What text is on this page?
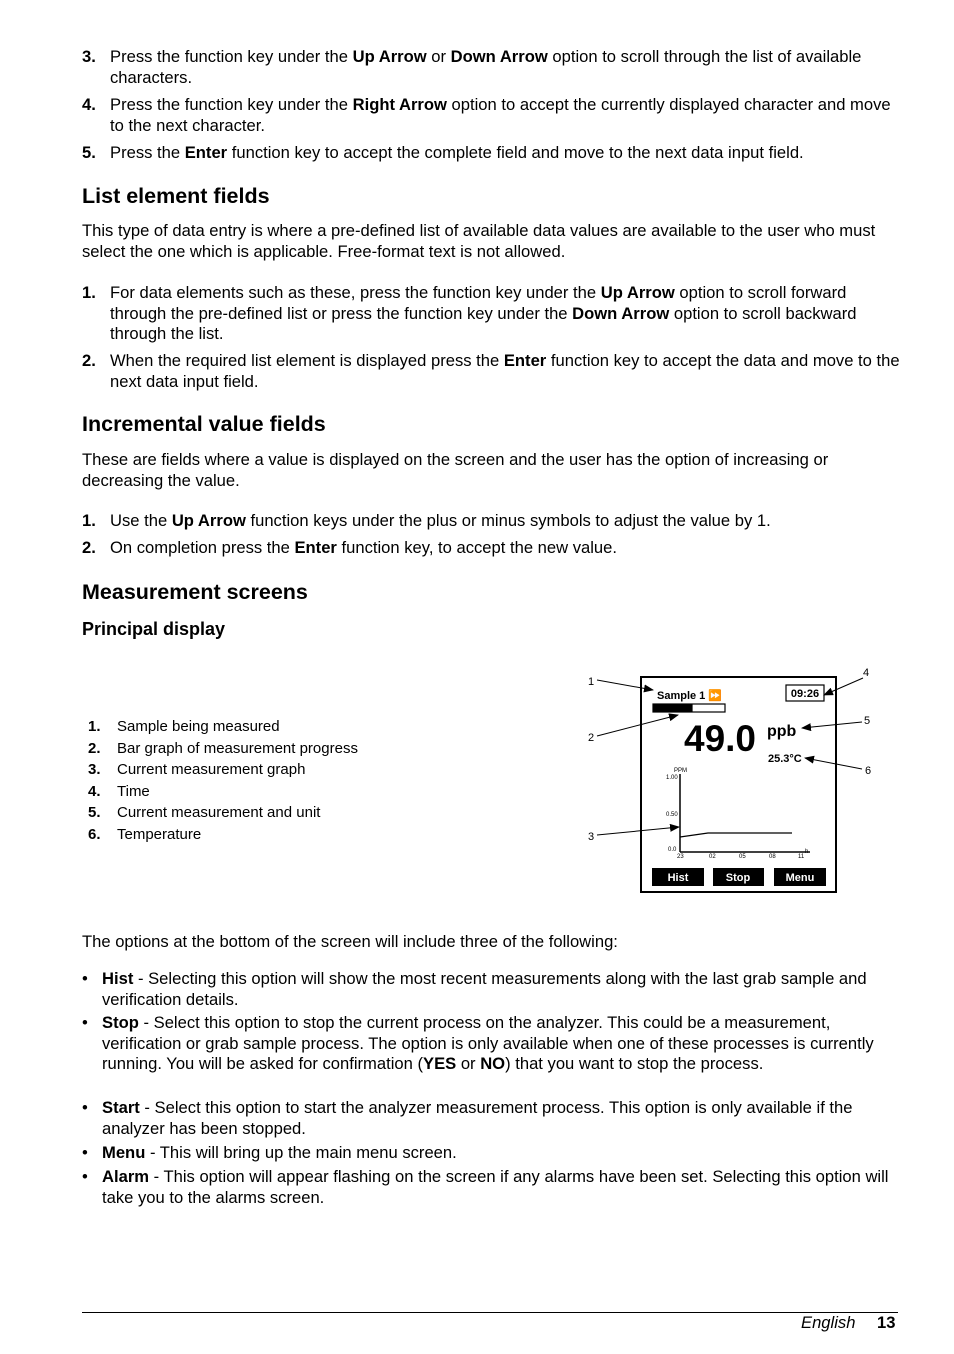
3. Press the function key under the Up Arrow or Down Arrow option to scroll through the list of available characters.
4. Press the function key under the Right Arrow option to accept the currently displayed character and move to the next character.
5. Press the Enter function key to accept the complete field and move to the next data input field.
List element fields

This type of data entry is where a pre-defined list of available data values are available to the user who must select the one which is applicable. Free-format text is not allowed.

1. For data elements such as these, press the function key under the Up Arrow option to scroll forward through the pre-defined list or press the function key under the Down Arrow option to scroll backward through the list.
2. When the required list element is displayed press the Enter function key to accept the data and move to the next data input field.
Incremental value fields

These are fields where a value is displayed on the screen and the user has the option of increasing or decreasing the value.

1. Use the Up Arrow function keys under the plus or minus symbols to adjust the value by 1.
2. On completion press the Enter function key, to accept the new value.
Measurement screens
Principal display
1. Sample being measured
2. Bar graph of measurement progress
3. Current measurement graph
4. Time
5. Current measurement and unit
6. Temperature
Sample 1 ⏩	09:26
49.0 ppb
25.3°C
PPM
1.00
0.50
0.0
23	02	05	08	11
h
Hist	Stop	Menu
1
2
3
4
5
6

The options at the bottom of the screen will include three of the following:

• Hist - Selecting this option will show the most recent measurements along with the last grab sample and verification details.
• Stop - Select this option to stop the current process on the analyzer. This could be a measurement, verification or grab sample process. The option is only available when one of these processes is currently running. You will be asked for confirmation (YES or NO) that you want to stop the process.
• Start - Select this option to start the analyzer measurement process. This option is only available if the analyzer has been stopped.
• Menu - This will bring up the main menu screen.
• Alarm - This option will appear flashing on the screen if any alarms have been set. Selecting this option will take you to the alarms screen.
English 13
